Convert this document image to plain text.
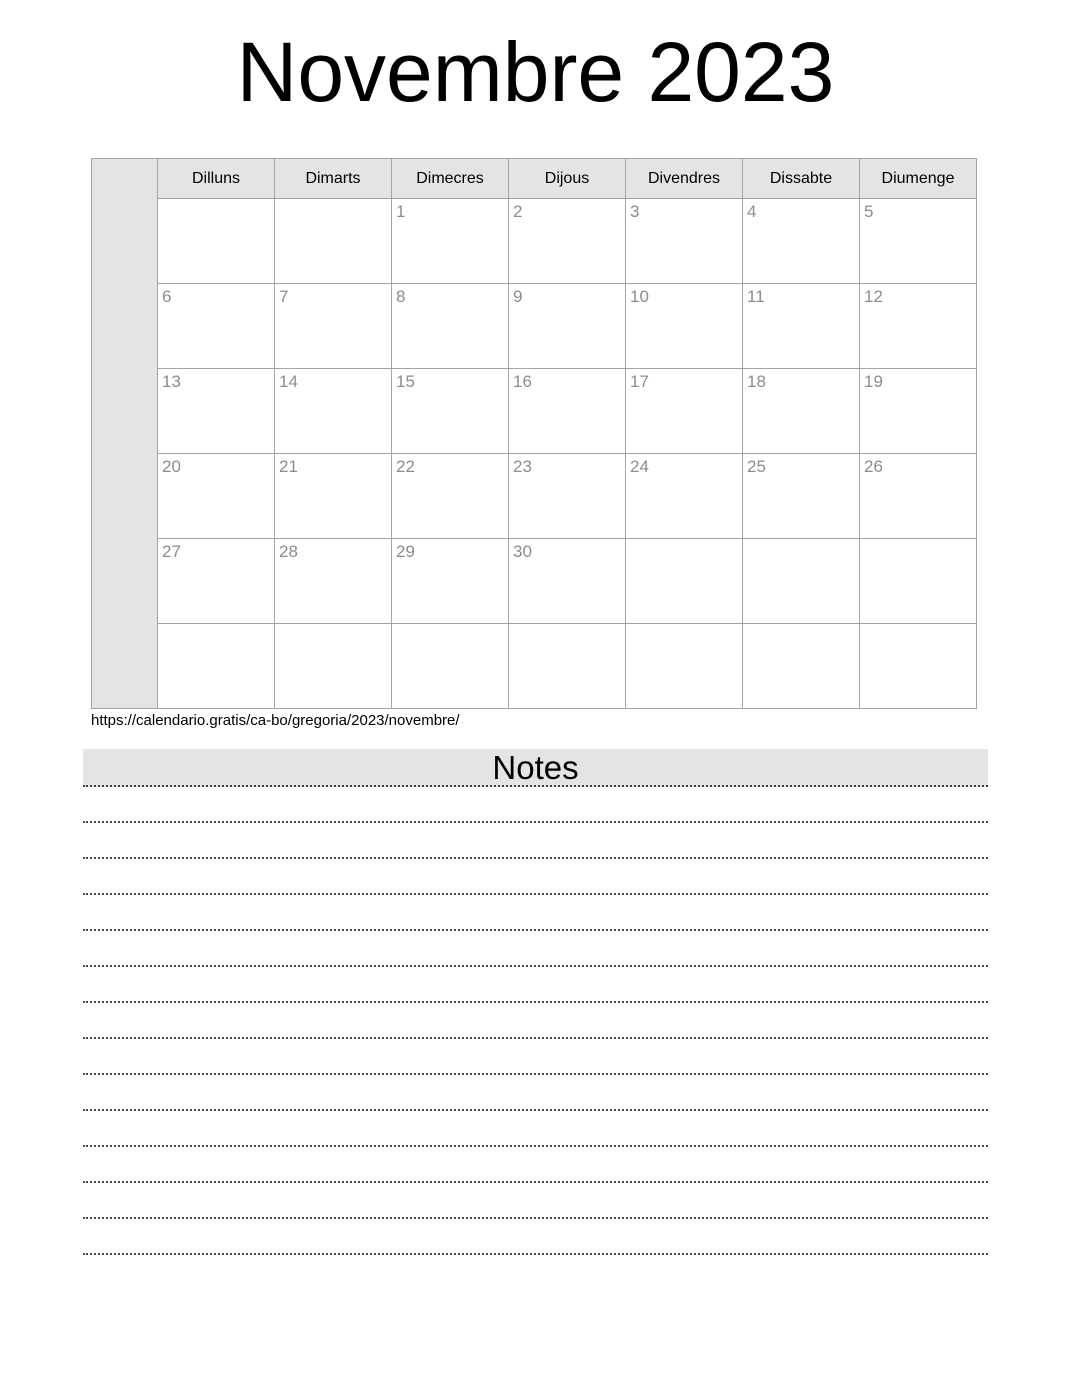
Novembre 2023
	Dilluns	Dimarts	Dimecres	Dijous	Divendres	Dissabte	Diumenge

			1	2	3	4	5

	6	7	8	9	10	11	12

	13	14	15	16	17	18	19

	20	21	22	23	24	25	26

	27	28	29	30			

https://calendario.gratis/ca-bo/gregoria/2023/novembre/
Notes
